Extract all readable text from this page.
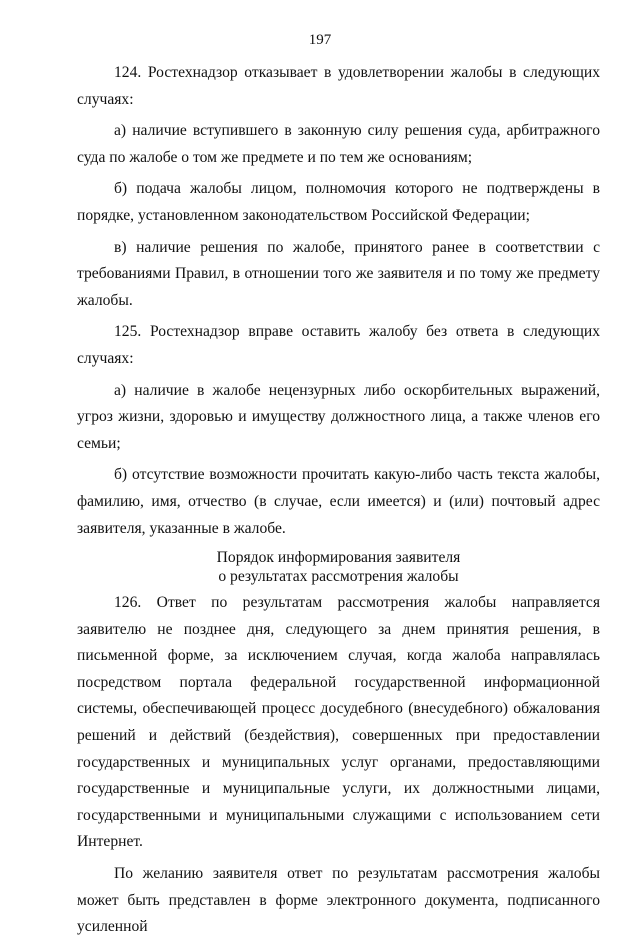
197

124. Ростехнадзор отказывает в удовлетворении жалобы в следующих случаях:

а) наличие вступившего в законную силу решения суда, арбитражного суда по жалобе о том же предмете и по тем же основаниям;

б) подача жалобы лицом, полномочия которого не подтверждены в порядке, установленном законодательством Российской Федерации;

в) наличие решения по жалобе, принятого ранее в соответствии с требованиями Правил, в отношении того же заявителя и по тому же предмету жалобы.

125. Ростехнадзор вправе оставить жалобу без ответа в следующих случаях:

а) наличие в жалобе нецензурных либо оскорбительных выражений, угроз жизни, здоровью и имуществу должностного лица, а также членов его семьи;

б) отсутствие возможности прочитать какую-либо часть текста жалобы, фамилию, имя, отчество (в случае, если имеется) и (или) почтовый адрес заявителя, указанные в жалобе.

Порядок информирования заявителя
о результатах рассмотрения жалобы

126. Ответ по результатам рассмотрения жалобы направляется заявителю не позднее дня, следующего за днем принятия решения, в письменной форме, за исключением случая, когда жалоба направлялась посредством портала федеральной государственной информационной системы, обеспечивающей процесс досудебного (внесудебного) обжалования решений и действий (бездействия), совершенных при предоставлении государственных и муниципальных услуг органами, предоставляющими государственные и муниципальные услуги, их должностными лицами, государственными и муниципальными служащими с использованием сети Интернет.

По желанию заявителя ответ по результатам рассмотрения жалобы может быть представлен в форме электронного документа, подписанного усиленной
